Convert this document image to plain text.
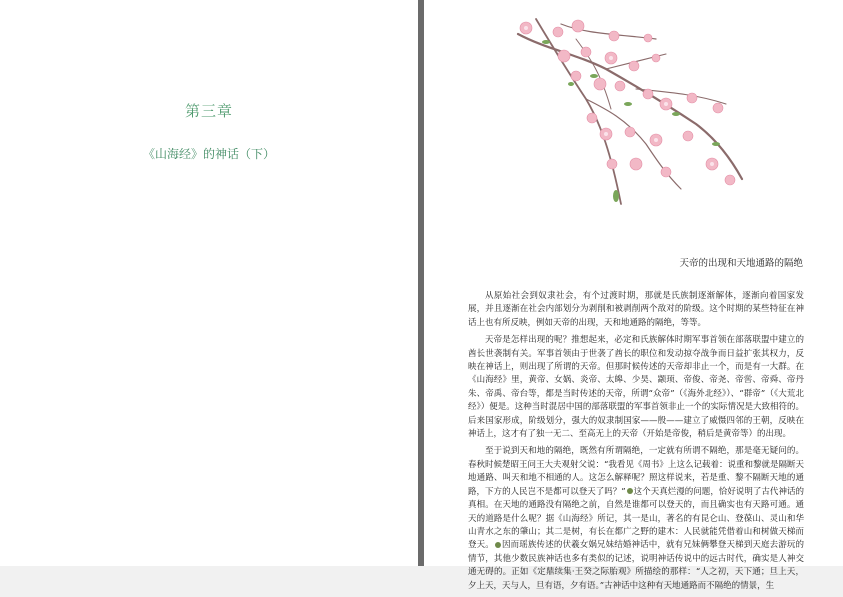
第三章
《山海经》的神话（下）
天帝的出现和天地通路的隔绝

从原始社会到奴隶社会，有个过渡时期，那就是氏族制逐渐解体，逐渐向着国家发展，并且逐渐在社会内部划分为剥削和被剥削两个敌对的阶级。这个时期的某些特征在神话上也有所反映，例如天帝的出现，天和地通路的隔绝，等等。

天帝是怎样出现的呢？推想起来，必定和氏族解体时期军事首领在部落联盟中建立的酋长世袭制有关。军事首领由于世袭了酋长的职位和发动掠夺战争而日益扩张其权力，反映在神话上，则出现了所谓的天帝。但那时候传述的天帝却非止一个，而是有一大群。在《山海经》里，黄帝、女娲、炎帝、太皞、少昊、颛顼、帝俊、帝尧、帝喾、帝舜、帝丹朱、帝禹、帝台等，都是当时传述的天帝，所谓“众帝”（《海外北经》）、“群帝”（《大荒北经》）便是。这种当时混居中国的部落联盟的军事首领非止一个的实际情况是大致相符的。后来国家形成，阶级划分，强大的奴隶制国家——殷——建立了威慑四邻的王朝，反映在神话上，这才有了独一无二、至高无上的天帝（开始是帝俊，稍后是黄帝等）的出现。

至于说到天和地的隔绝，既然有所谓隔绝，一定就有所谓不隔绝，那是毫无疑问的。春秋时候楚昭王问王大夫观射父说：“我看见《周书》上这么记载着：说重和黎就是隔断天地通路、叫天和地不相通的人。这怎么解释呢？照这样说来，若是重、黎不隔断天地的通路，下方的人民岂不是都可以登天了吗？” 这个天真烂漫的问题，恰好说明了古代神话的真相。在天地的通路没有隔绝之前，自然是谁都可以登天的，而且确实也有天路可通。通天的道路是什么呢？据《山海经》所记，其一是山，著名的有昆仑山、登葆山、灵山和华山青水之东的肇山；其二是树，有长在都广之野的建木：人民就能凭借着山和树做天梯而登天。 因而瑶族传述的伏羲女娲兄妹结婚神话中，就有兄妹俩攀登天梯到天庭去游玩的情节，其他少数民族神话也多有类似的记述，说明神话传说中的远古时代，确实是人神交通无碍的。正如《定鼎续集·王癸之际胎观》所描绘的那样：“人之初，天下通；旦上天，夕上天，天与人，旦有语，夕有语。”古神话中这种有天地通路而不隔绝的情景，生
